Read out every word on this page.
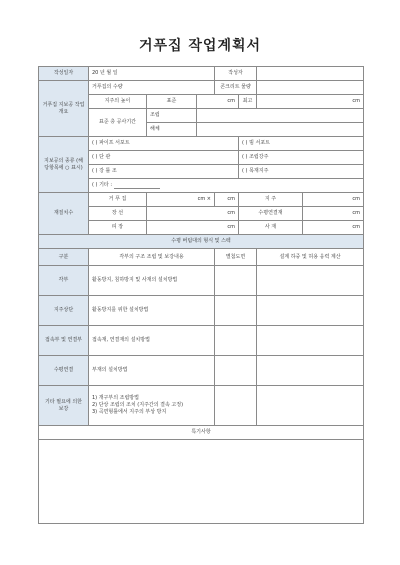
거푸집 작업계획서
작성일자	20 년 월 일			작성자			
거푸집 지보공 작업개요	거푸집의 수량			콘크리트 물량			
	지주의 높이	표준	cm		최고	cm	
	표준 층 공사기간	조립					
		해체					
지보공의 종류 (해당항목에 ○ 표시)	( ) 파이프 서포트				( ) 빔 서포트		
	( ) 단 관				( ) 조립강주		
	( ) 강 틀 조				( ) 목재지주		
	( ) 기타 :						
재질치수	거 푸 집	cm ×		cm	지 주		cm
	장 선	cm			수평연결재		cm
	띠 장	cm			사 재		cm
수평 버팀대의 형식 및 스펙							
구분	각부의 구조 조립 및 보강내용			별첨도면		설계 하중 및 허용 응력 계산	
각부	활동방지, 침하방지 및 사재의 설치방법						
지주상단	활동방지를 위한 설치방법						
접속부 및 연결부	접속재, 연결재의 설치방법						
수평연결	부재의 설치방법						
기타 필요에 의한 보강	1) 개구부의 조립방법
2) 단상 조립의 조치 (지주간의 결속 고정)
3) 곡면형틀에서 지주의 부상 방지						
특기사항							
